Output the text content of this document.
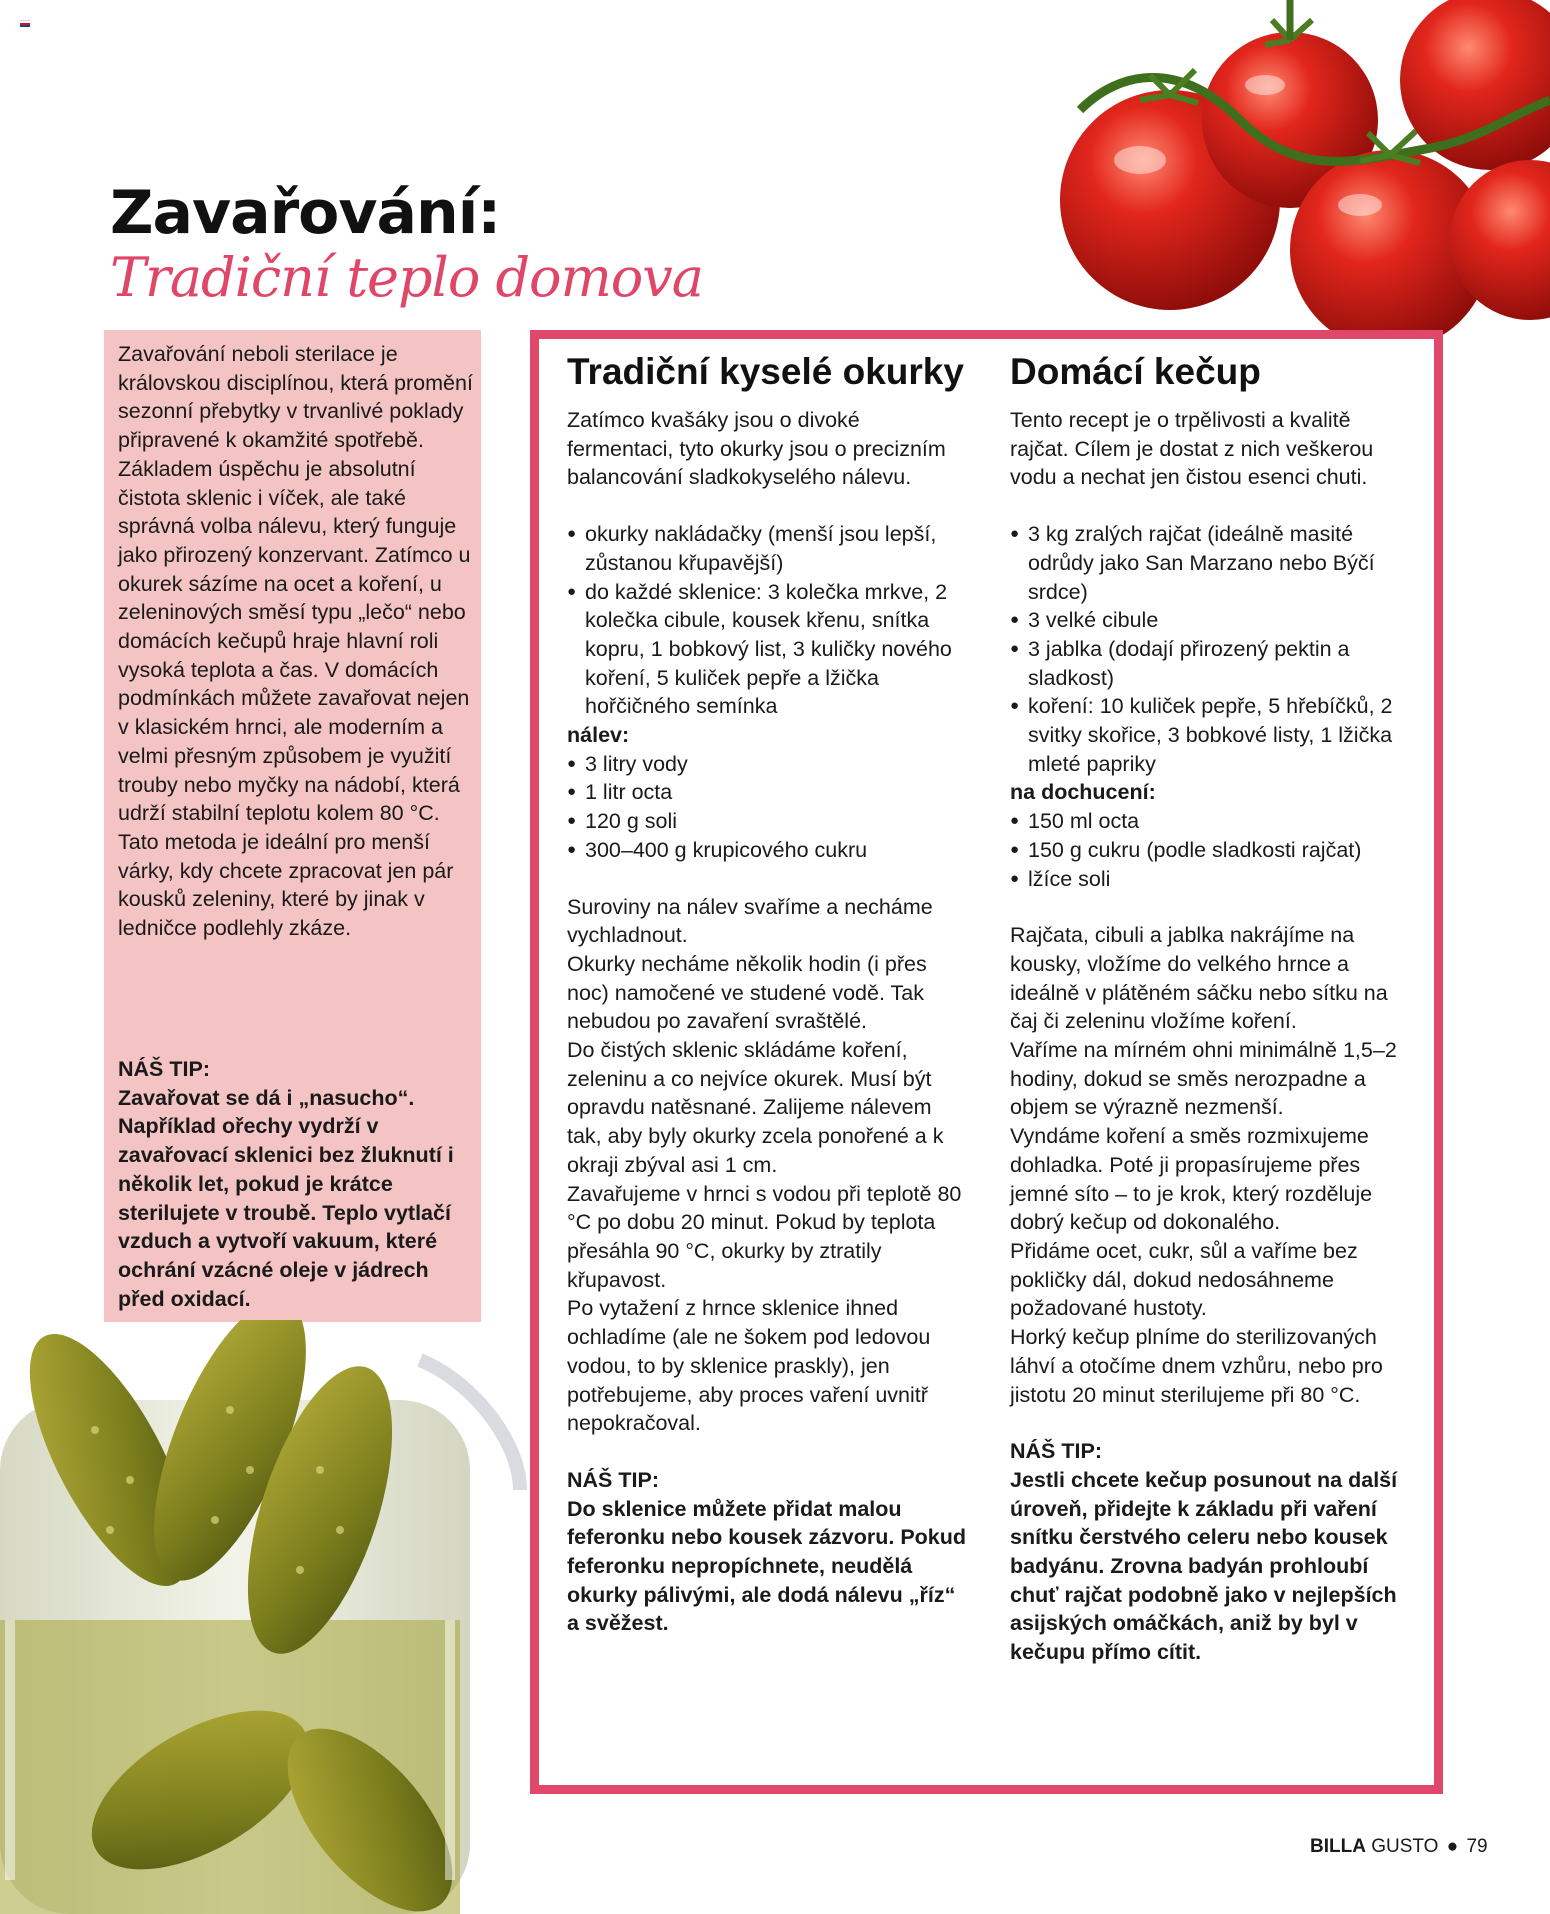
Zavařování:
Tradiční teplo domova

Zavařování neboli sterilace je královskou disciplínou, která promění sezonní přebytky v trvanlivé poklady připravené k okamžité spotřebě. Základem úspěchu je absolutní čistota sklenic i víček, ale také správná volba nálevu, který funguje jako přirozený konzervant. Zatímco u okurek sázíme na ocet a koření, u zeleninových směsí typu „lečo“ nebo domácích kečupů hraje hlavní roli vysoká teplota a čas. V domácích podmínkách můžete zavařovat nejen v klasickém hrnci, ale moderním a velmi přesným způsobem je využití trouby nebo myčky na nádobí, která udrží stabilní teplotu kolem 80 °C. Tato metoda je ideální pro menší várky, kdy chcete zpracovat jen pár kousků zeleniny, které by jinak v ledničce podlehly zkáze.

NÁŠ TIP:

Zavařovat se dá i „nasucho“. Například ořechy vydrží v zavařovací sklenici bez žluknutí i několik let, pokud je krátce sterilujete v troubě. Teplo vytlačí vzduch a vytvoří vakuum, které ochrání vzácné oleje v jádrech před oxidací.

Tradiční kyselé okurky

Zatímco kvašáky jsou o divoké fermentaci, tyto okurky jsou o precizním balancování sladkokyselého nálevu.

● okurky nakládačky (menší jsou lepší, zůstanou křupavější)
● do každé sklenice: 3 kolečka mrkve, 2 kolečka cibule, kousek křenu, snítka kopru, 1 bobkový list, 3 kuličky nového koření, 5 kuliček pepře a lžička hořčičného semínka

nálev:

● 3 litry vody
● 1 litr octa
● 120 g soli
● 300–400 g krupicového cukru

Suroviny na nálev svaříme a necháme vychladnout.

Okurky necháme několik hodin (i přes noc) namočené ve studené vodě. Tak nebudou po zavaření svraštělé.

Do čistých sklenic skládáme koření, zeleninu a co nejvíce okurek. Musí být opravdu natěsnané. Zalijeme nálevem tak, aby byly okurky zcela ponořené a k okraji zbýval asi 1 cm.

Zavařujeme v hrnci s vodou při teplotě 80 °C po dobu 20 minut. Pokud by teplota přesáhla 90 °C, okurky by ztratily křupavost.

Po vytažení z hrnce sklenice ihned ochladíme (ale ne šokem pod ledovou vodou, to by sklenice praskly), jen potřebujeme, aby proces vaření uvnitř nepokračoval.

NÁŠ TIP:

Do sklenice můžete přidat malou feferonku nebo kousek zázvoru. Pokud feferonku nepropíchnete, neudělá okurky pálivými, ale dodá nálevu „říz“ a svěžest.

Domácí kečup

Tento recept je o trpělivosti a kvalitě rajčat. Cílem je dostat z nich veškerou vodu a nechat jen čistou esenci chuti.

● 3 kg zralých rajčat (ideálně masité odrůdy jako San Marzano nebo Býčí srdce)
● 3 velké cibule
● 3 jablka (dodají přirozený pektin a sladkost)
● koření: 10 kuliček pepře, 5 hřebíčků, 2 svitky skořice, 3 bobkové listy, 1 lžička mleté papriky

na dochucení:

● 150 ml octa
● 150 g cukru (podle sladkosti rajčat)
● lžíce soli

Rajčata, cibuli a jablka nakrájíme na kousky, vložíme do velkého hrnce a ideálně v plátěném sáčku nebo sítku na čaj či zeleninu vložíme koření.

Vaříme na mírném ohni minimálně 1,5–2 hodiny, dokud se směs nerozpadne a objem se výrazně nezmenší.

Vyndáme koření a směs rozmixujeme dohladka. Poté ji propasírujeme přes jemné síto – to je krok, který rozděluje dobrý kečup od dokonalého.

Přidáme ocet, cukr, sůl a vaříme bez pokličky dál, dokud nedosáhneme požadované hustoty.

Horký kečup plníme do sterilizovaných láhví a otočíme dnem vzhůru, nebo pro jistotu 20 minut sterilujeme při 80 °C.

NÁŠ TIP:

Jestli chcete kečup posunout na další úroveň, přidejte k základu při vaření snítku čerstvého celeru nebo kousek badyánu. Zrovna badyán prohloubí chuť rajčat podobně jako v nejlepších asijských omáčkách, aniž by byl v kečupu přímo cítit.

BILLA GUSTO ● 79
